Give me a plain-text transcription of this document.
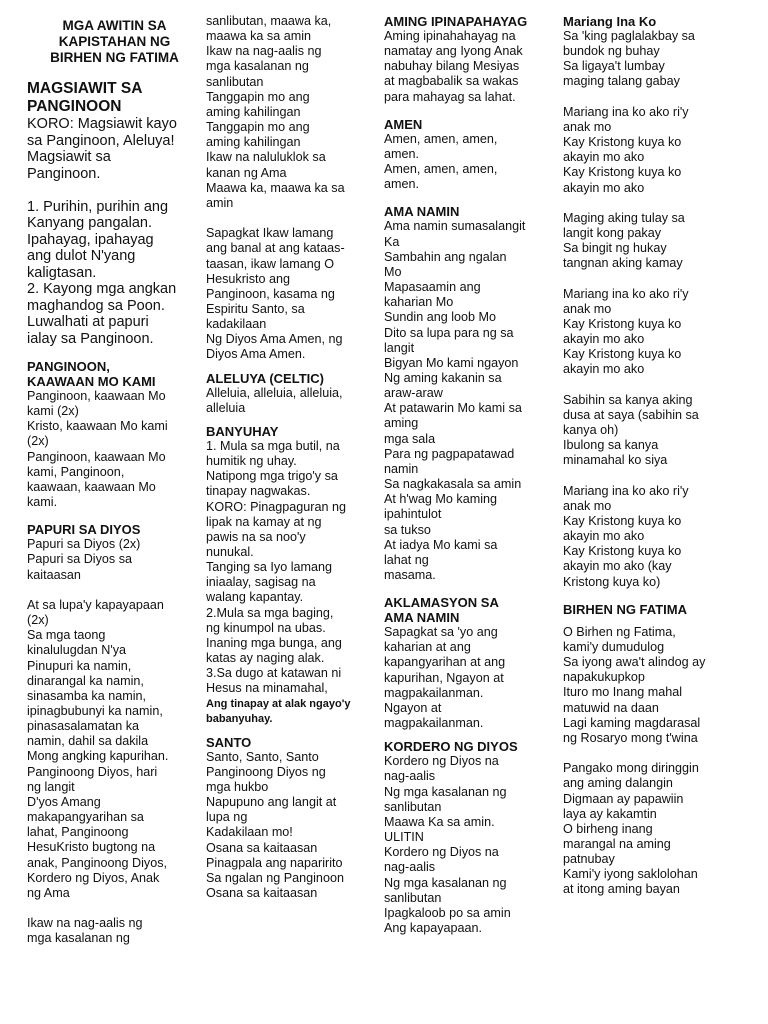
MGA AWITIN SA
KAPISTAHAN NG
BIRHEN NG FATIMA
MAGSIAWIT SA
PANGINOON
KORO: Magsiawit kayo
sa Panginoon, Aleluya!
Magsiawit sa
Panginoon.

1. Purihin, purihin ang
Kanyang pangalan.
Ipahayag, ipahayag
ang dulot N'yang
kaligtasan.
2. Kayong mga angkan
maghandog sa Poon.
Luwalhati at papuri
ialay sa Panginoon.
PANGINOON,
KAAWAAN MO KAMI
Panginoon, kaawaan Mo
kami (2x)
Kristo, kaawaan Mo kami
(2x)
Panginoon, kaawaan Mo
kami, Panginoon,
kaawaan, kaawaan Mo
kami.
PAPURI SA DIYOS
Papuri sa Diyos (2x)
Papuri sa Diyos sa
kaitaasan

At sa lupa'y kapayapaan
(2x)
Sa mga taong
kinalulugdan N'ya
Pinupuri ka namin,
dinarangal ka namin,
sinasamba ka namin,
ipinagbubunyi ka namin,
pinasasalamatan ka
namin, dahil sa dakila
Mong angking kapurihan.
Panginoong Diyos, hari
ng langit
D'yos Amang
makapangyarihan sa
lahat, Panginoong
HesuKristo bugtong na
anak, Panginoong Diyos,
Kordero ng Diyos, Anak
ng Ama

Ikaw na nag-aalis ng
mga kasalanan ng
sanlibutan, maawa ka,
maawa ka sa amin
Ikaw na nag-aalis ng
mga kasalanan ng
sanlibutan
Tanggapin mo ang
aming kahilingan
Tanggapin mo ang
aming kahilingan
Ikaw na naluluklok sa
kanan ng Ama
Maawa ka, maawa ka sa
amin

Sapagkat Ikaw lamang
ang banal at ang kataas-
taasan, ikaw lamang O
Hesukristo ang
Panginoon, kasama ng
Espiritu Santo, sa
kadakilaan
Ng Diyos Ama Amen, ng
Diyos Ama Amen.
ALELUYA (CELTIC)
Alleluia, alleluia, alleluia,
alleluia
BANYUHAY
1. Mula sa mga butil, na
humitik ng uhay.
Natipong mga trigo'y sa
tinapay nagwakas.
KORO: Pinagpaguran ng
lipak na kamay at ng
pawis na sa noo'y
nunukal.
Tanging sa Iyo lamang
iniaalay, sagisag na
walang kapantay.
2.Mula sa mga baging,
ng kinumpol na ubas.
Inaning mga bunga, ang
katas ay naging alak.
3.Sa dugo at katawan ni
Hesus na minamahal,
Ang tinapay at alak ngayo'y
babanyuhay.
SANTO
Santo, Santo, Santo
Panginoong Diyos ng
mga hukbo
Napupuno ang langit at
lupa ng
Kadakilaan mo!
Osana sa kaitaasan
Pinagpala ang naparirito
Sa ngalan ng Panginoon
Osana sa kaitaasan
AMING IPINAPAHAYAG
Aming ipinahahayag na
namatay ang Iyong Anak
nabuhay bilang Mesiyas
at magbabalik sa wakas
para mahayag sa lahat.
AMEN
Amen, amen, amen,
amen.
Amen, amen, amen,
amen.
AMA NAMIN
Ama namin sumasalangit
Ka
Sambahin ang ngalan
Mo
Mapasaamin ang
kaharian Mo
Sundin ang loob Mo
Dito sa lupa para ng sa
langit
Bigyan Mo kami ngayon
Ng aming kakanin sa
araw-araw
At patawarin Mo kami sa
aming
mga sala
Para ng pagpapatawad
namin
Sa nagkakasala sa amin
At h'wag Mo kaming
ipahintulot
sa tukso
At iadya Mo kami sa
lahat ng
masama.
AKLAMASYON SA
AMA NAMIN
Sapagkat sa 'yo ang
kaharian at ang
kapangyarihan at ang
kapurihan, Ngayon at
magpakailanman.
Ngayon at
magpakailanman.
KORDERO NG DIYOS
Kordero ng Diyos na
nag-aalis
Ng mga kasalanan ng
sanlibutan
Maawa Ka sa amin.
ULITIN
Kordero ng Diyos na
nag-aalis
Ng mga kasalanan ng
sanlibutan
Ipagkaloob po sa amin
Ang kapayapaan.
Mariang Ina Ko
Sa 'king paglalakbay sa
bundok ng buhay
Sa ligaya't lumbay
maging talang gabay

Mariang ina ko ako ri'y
anak mo
Kay Kristong kuya ko
akayin mo ako
Kay Kristong kuya ko
akayin mo ako

Maging aking tulay sa
langit kong pakay
Sa bingit ng hukay
tangnan aking kamay

Mariang ina ko ako ri'y
anak mo
Kay Kristong kuya ko
akayin mo ako
Kay Kristong kuya ko
akayin mo ako

Sabihin sa kanya aking
dusa at saya (sabihin sa
kanya oh)
Ibulong sa kanya
minamahal ko siya

Mariang ina ko ako ri'y
anak mo
Kay Kristong kuya ko
akayin mo ako
Kay Kristong kuya ko
akayin mo ako (kay
Kristong kuya ko)
BIRHEN NG FATIMA
O Birhen ng Fatima,
kami'y dumudulog
Sa iyong awa't alindog ay
napakukupkop
Ituro mo Inang mahal
matuwid na daan
Lagi kaming magdarasal
ng Rosaryo mong t'wina

Pangako mong diringgin
ang aming dalangin
Digmaan ay papawiin
laya ay kakamtin
O birheng inang
marangal na aming
patnubay
Kami'y iyong saklolohan
at itong aming bayan
